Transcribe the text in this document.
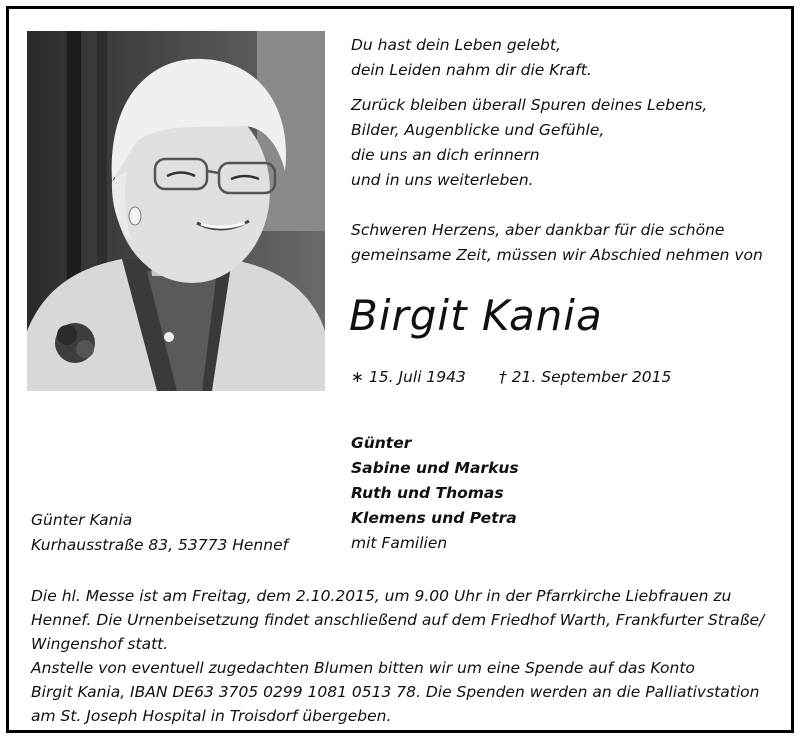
Du hast dein Leben gelebt,
dein Leiden nahm dir die Kraft.

Zurück bleiben überall Spuren deines Lebens,
Bilder, Augenblicke und Gefühle,
die uns an dich erinnern
und in uns weiterleben.

Schweren Herzens, aber dankbar für die schöne
gemeinsame Zeit, müssen wir Abschied nehmen von
Birgit Kania
∗ 15. Juli 1943 † 21. September 2015
Günter
Sabine und Markus
Ruth und Thomas
Klemens und Petra
mit Familien
Günter Kania
Kurhausstraße 83, 53773 Hennef
Die hl. Messe ist am Freitag, dem 2.10.2015, um 9.00 Uhr in der Pfarrkirche Liebfrauen zu
Hennef. Die Urnenbeisetzung findet anschließend auf dem Friedhof Warth, Frankfurter Straße/
Wingenshof statt.
Anstelle von eventuell zugedachten Blumen bitten wir um eine Spende auf das Konto
Birgit Kania, IBAN DE63 3705 0299 1081 0513 78. Die Spenden werden an die Palliativstation
am St. Joseph Hospital in Troisdorf übergeben.
